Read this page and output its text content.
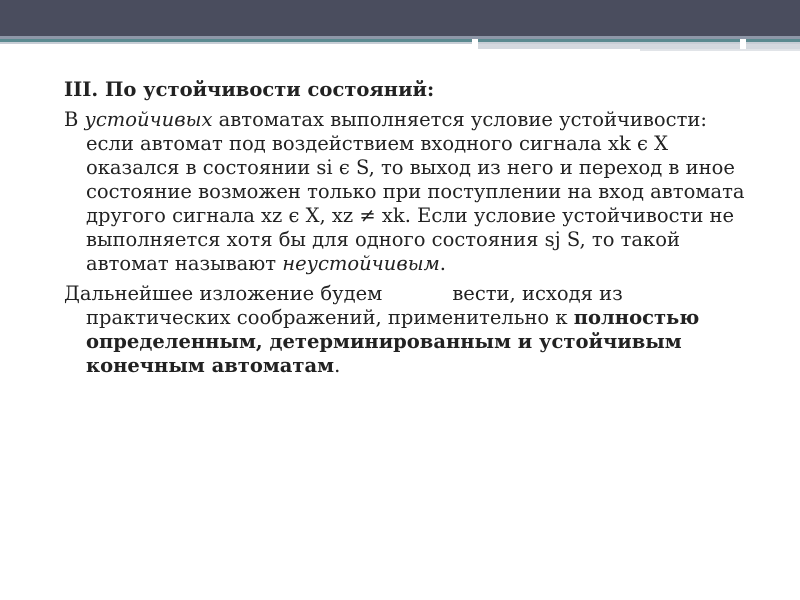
III. По устойчивости состояний:

В устойчивых автоматах выполняется условие устойчивости:
если автомат под воздействием входного сигнала xk ϵ X
оказался в состоянии si ϵ S, то выход из него и переход в иное
состояние возможен только при поступлении на вход автомата
другого сигнала xz ϵ X, xz ≠ xk. Если условие устойчивости не
выполняется хотя бы для одного состояния sj S, то такой
автомат называют неустойчивым.

Дальнейшее изложение будем	вести, исходя из
практических соображений, применительно к полностью
определенным, детерминированным и устойчивым
конечным автоматам.
